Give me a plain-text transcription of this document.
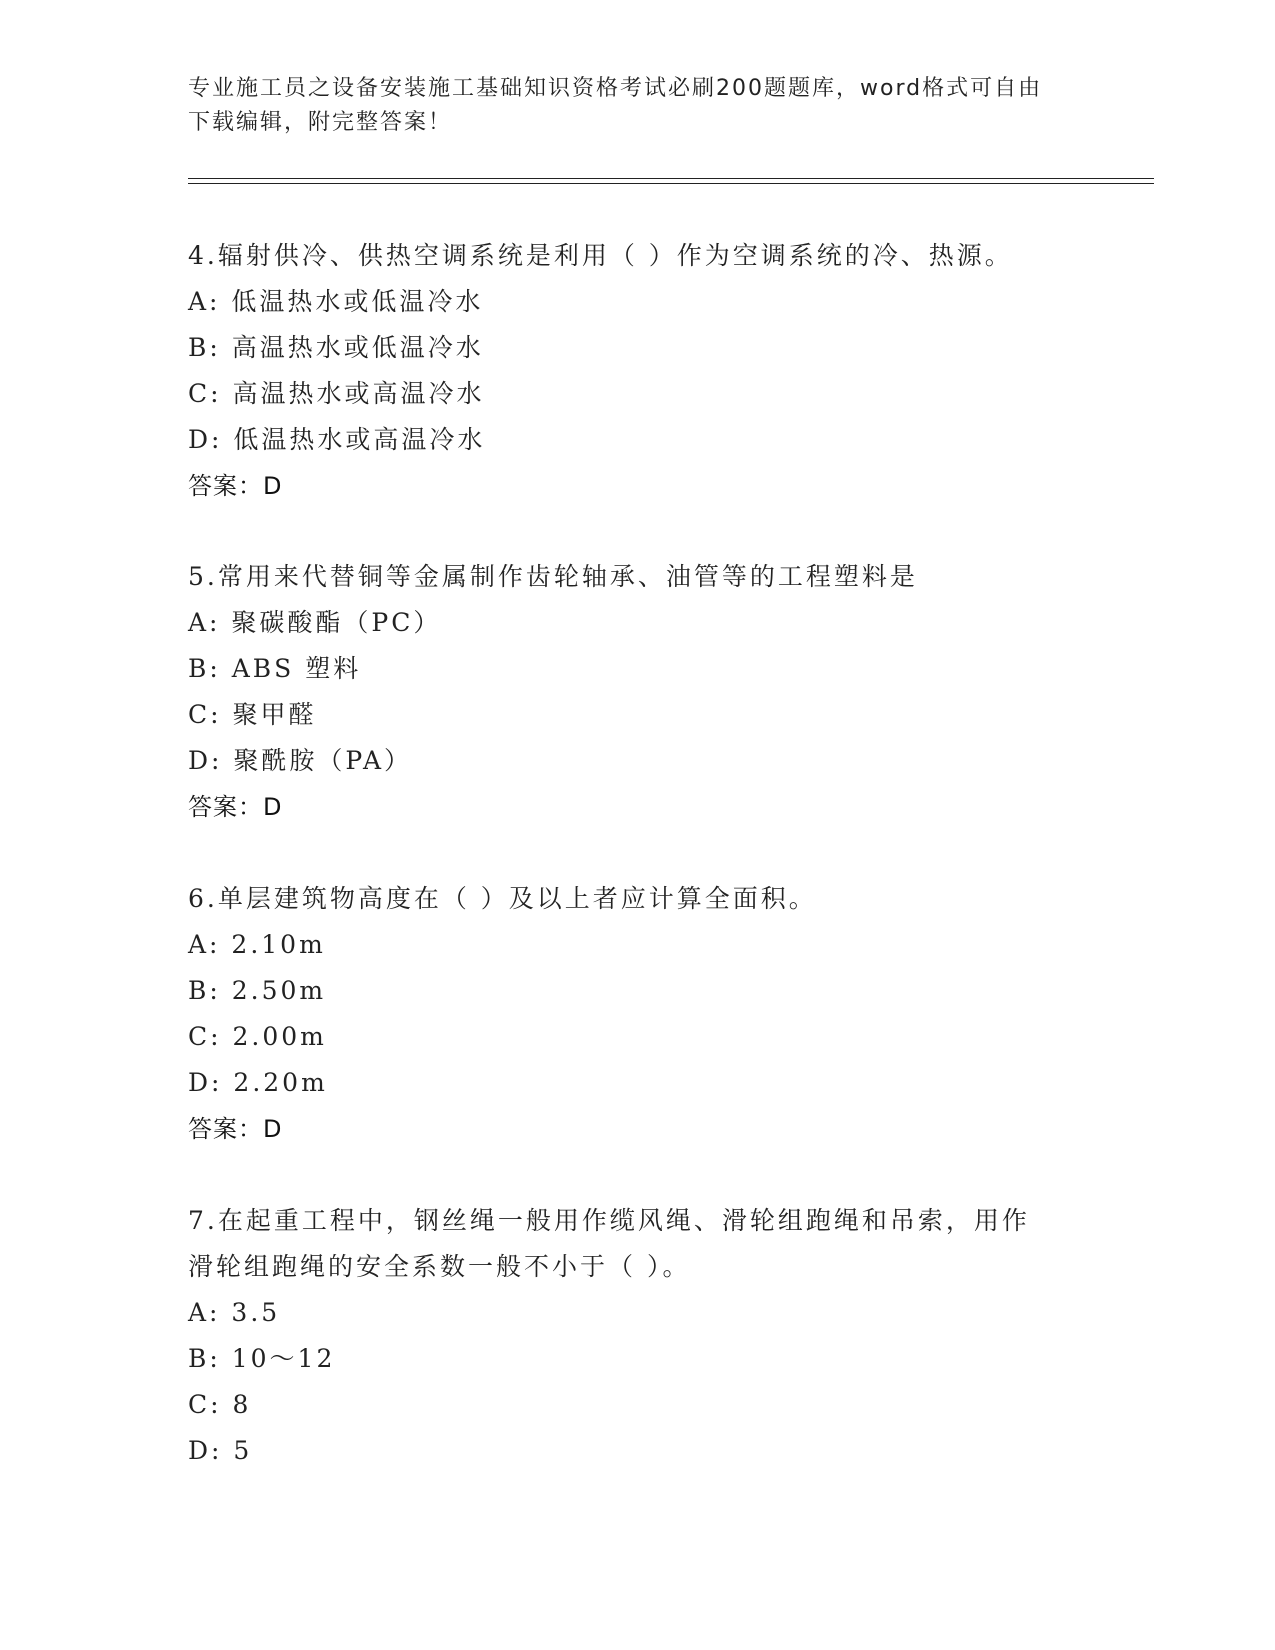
专业施工员之设备安装施工基础知识资格考试必刷200题题库，word格式可自由
下载编辑，附完整答案！
4.辐射供冷、供热空调系统是利用（ ）作为空调系统的冷、热源。
A: 低温热水或低温冷水
B: 高温热水或低温冷水
C: 高温热水或高温冷水
D: 低温热水或高温冷水
答案：D
5.常用来代替铜等金属制作齿轮轴承、油管等的工程塑料是
A: 聚碳酸酯（PC）
B: ABS 塑料
C: 聚甲醛
D: 聚酰胺（PA）
答案：D
6.单层建筑物高度在（ ）及以上者应计算全面积。
A: 2.10m
B: 2.50m
C: 2.00m
D: 2.20m
答案：D
7.在起重工程中，钢丝绳一般用作缆风绳、滑轮组跑绳和吊索，用作
滑轮组跑绳的安全系数一般不小于（ ）。
A: 3.5
B: 10～12
C: 8
D: 5
